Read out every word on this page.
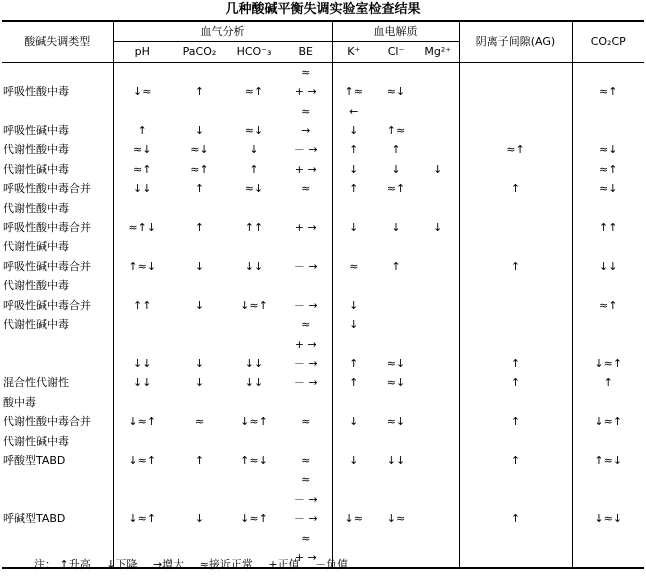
几种酸碱平衡失调实验室检查结果
酸碱失调类型	血气分析				血电解质			阴离子间隙(AG)	CO₂CP
	pH	PaCO₂	HCO⁻₃	BE	K⁺	Cl⁻	Mg²⁺		
				≈					
呼吸性酸中毒	↓≈	↑	≈↑	+ →	↑≈	≈↓			≈↑
				≈	←				
呼吸性碱中毒	↑	↓	≈↓	→	↓	↑≈			
代谢性酸中毒	≈↓	≈↓	↓	－ →	↑	↑		≈↑	≈↓
代谢性碱中毒	≈↑	≈↑	↑	+ →	↓	↓	↓		≈↑
呼吸性酸中毒合并	↓↓	↑	≈↓	≈	↑	≈↑		↑	≈↓
代谢性酸中毒									
呼吸性酸中毒合并	≈↑↓	↑	↑↑	+ →	↓	↓	↓		↑↑
代谢性碱中毒									
呼吸性碱中毒合并	↑≈↓	↓	↓↓	－ →	≈	↑		↑	↓↓
代谢性酸中毒									
呼吸性碱中毒合并	↑↑	↓	↓≈↑	－ →	↓				≈↑
代谢性碱中毒				≈	↓				
				+ →					
	↓↓	↓	↓↓	－ →	↑	≈↓		↑	↓≈↑
混合性代谢性	↓↓	↓	↓↓	－ →	↑	≈↓		↑	↑
酸中毒									
代谢性酸中毒合并	↓≈↑	≈	↓≈↑	≈	↓	≈↓		↑	↓≈↑
代谢性碱中毒									
呼酸型TABD	↓≈↑	↑	↑≈↓	≈	↓	↓↓		↑	↑≈↓
				≈					
				－ →					
呼碱型TABD	↓≈↑	↓	↓≈↑	－ →	↓≈	↓≈		↑	↓≈↓
				≈					
				+ →					
注： ↑升高 ↓下降 →增大 ≈接近正常 +正值 －负值
